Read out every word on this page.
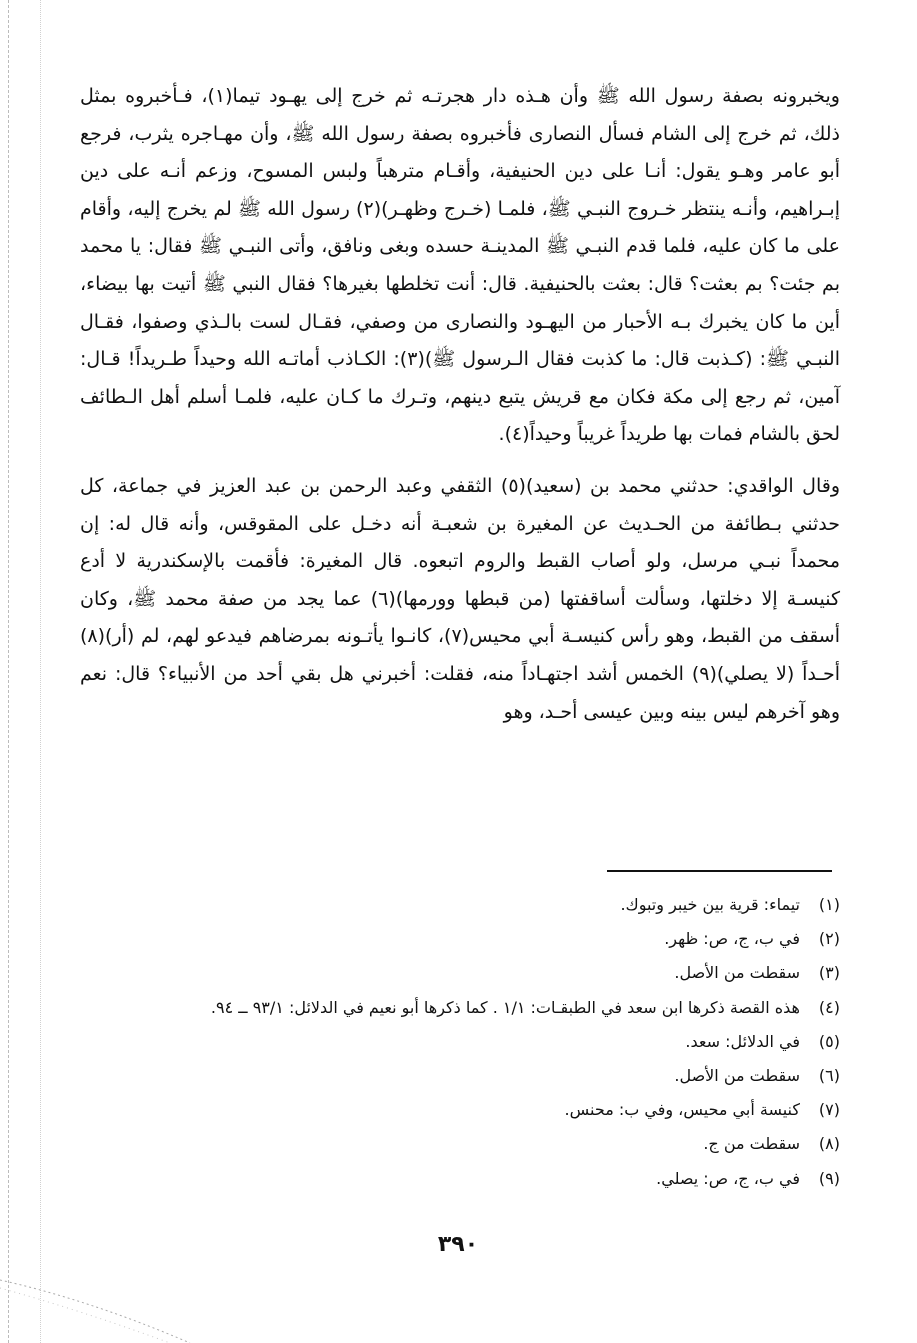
ويخبرونه بصفة رسول الله ﷺ وأن هـذه دار هجرتـه ثم خرج إلى يهـود تيما(١)، فـأخبروه بمثل ذلك، ثم خرج إلى الشام فسأل النصارى فأخبروه بصفة رسول الله ﷺ، وأن مهـاجره يثرب، فرجع أبو عامر وهـو يقول: أنـا على دين الحنيفية، وأقـام مترهباً ولبس المسوح، وزعم أنـه على دين إبـراهيم، وأنـه ينتظر خـروج النبـي ﷺ، فلمـا (خـرج وظهـر)(٢) رسول الله ﷺ لم يخرج إليه، وأقام على ما كان عليه، فلما قدم النبـي ﷺ المدينـة حسده وبغى ونافق، وأتى النبـي ﷺ فقال: يا محمد بم جئت؟ بم بعثت؟ قال: بعثت بالحنيفية. قال: أنت تخلطها بغيرها؟ فقال النبي ﷺ أتيت بها بيضاء، أين ما كان يخبرك بـه الأحبار من اليهـود والنصارى من وصفي، فقـال لست بالـذي وصفوا، فقـال النبـي ﷺ: (كـذبت قال: ما كذبت فقال الـرسول ﷺ)(٣): الكـاذب أماتـه الله وحيداً طـريداً! قـال: آمين، ثم رجع إلى مكة فكان مع قريش يتبع دينهم، وتـرك ما كـان عليه، فلمـا أسلم أهل الـطائف لحق بالشام فمات بها طريداً غريباً وحيداً(٤).

وقال الواقدي: حدثني محمد بن (سعيد)(٥) الثقفي وعبد الرحمن بن عبد العزيز في جماعة، كل حدثني بـطائفة من الحـديث عن المغيرة بن شعبـة أنه دخـل على المقوقس، وأنه قال له: إن محمداً نبـي مرسل، ولو أصاب القبط والروم اتبعوه. قال المغيرة: فأقمت بالإسكندرية لا أدع كنيسـة إلا دخلتها، وسألت أساقفتها (من قبطها وورمها)(٦) عما يجد من صفة محمد ﷺ، وكان أسقف من القبط، وهو رأس كنيسـة أبي محيس(٧)، كانـوا يأتـونه بمرضاهم فيدعو لهم، لم (أر)(٨) أحـداً (لا يصلي)(٩) الخمس أشد اجتهـاداً منه، فقلت: أخبرني هل بقي أحد من الأنبياء؟ قال: نعم وهو آخرهم ليس بينه وبين عيسى أحـد، وهو

(١)تيماء: قرية بين خيبر وتبوك.
(٢)في ب، ج، ص: ظهر.
(٣)سقطت من الأصل.
(٤)هذه القصة ذكرها ابن سعد في الطبقـات: ١/١ . كما ذكرها أبو نعيم في الدلائل: ٩٣/١ ــ ٩٤.
(٥)في الدلائل: سعد.
(٦)سقطت من الأصل.
(٧)كنيسة أبي محيس، وفي ب: محنس.
(٨)سقطت من ج.
(٩)في ب، ج، ص: يصلي.
٣٩٠
